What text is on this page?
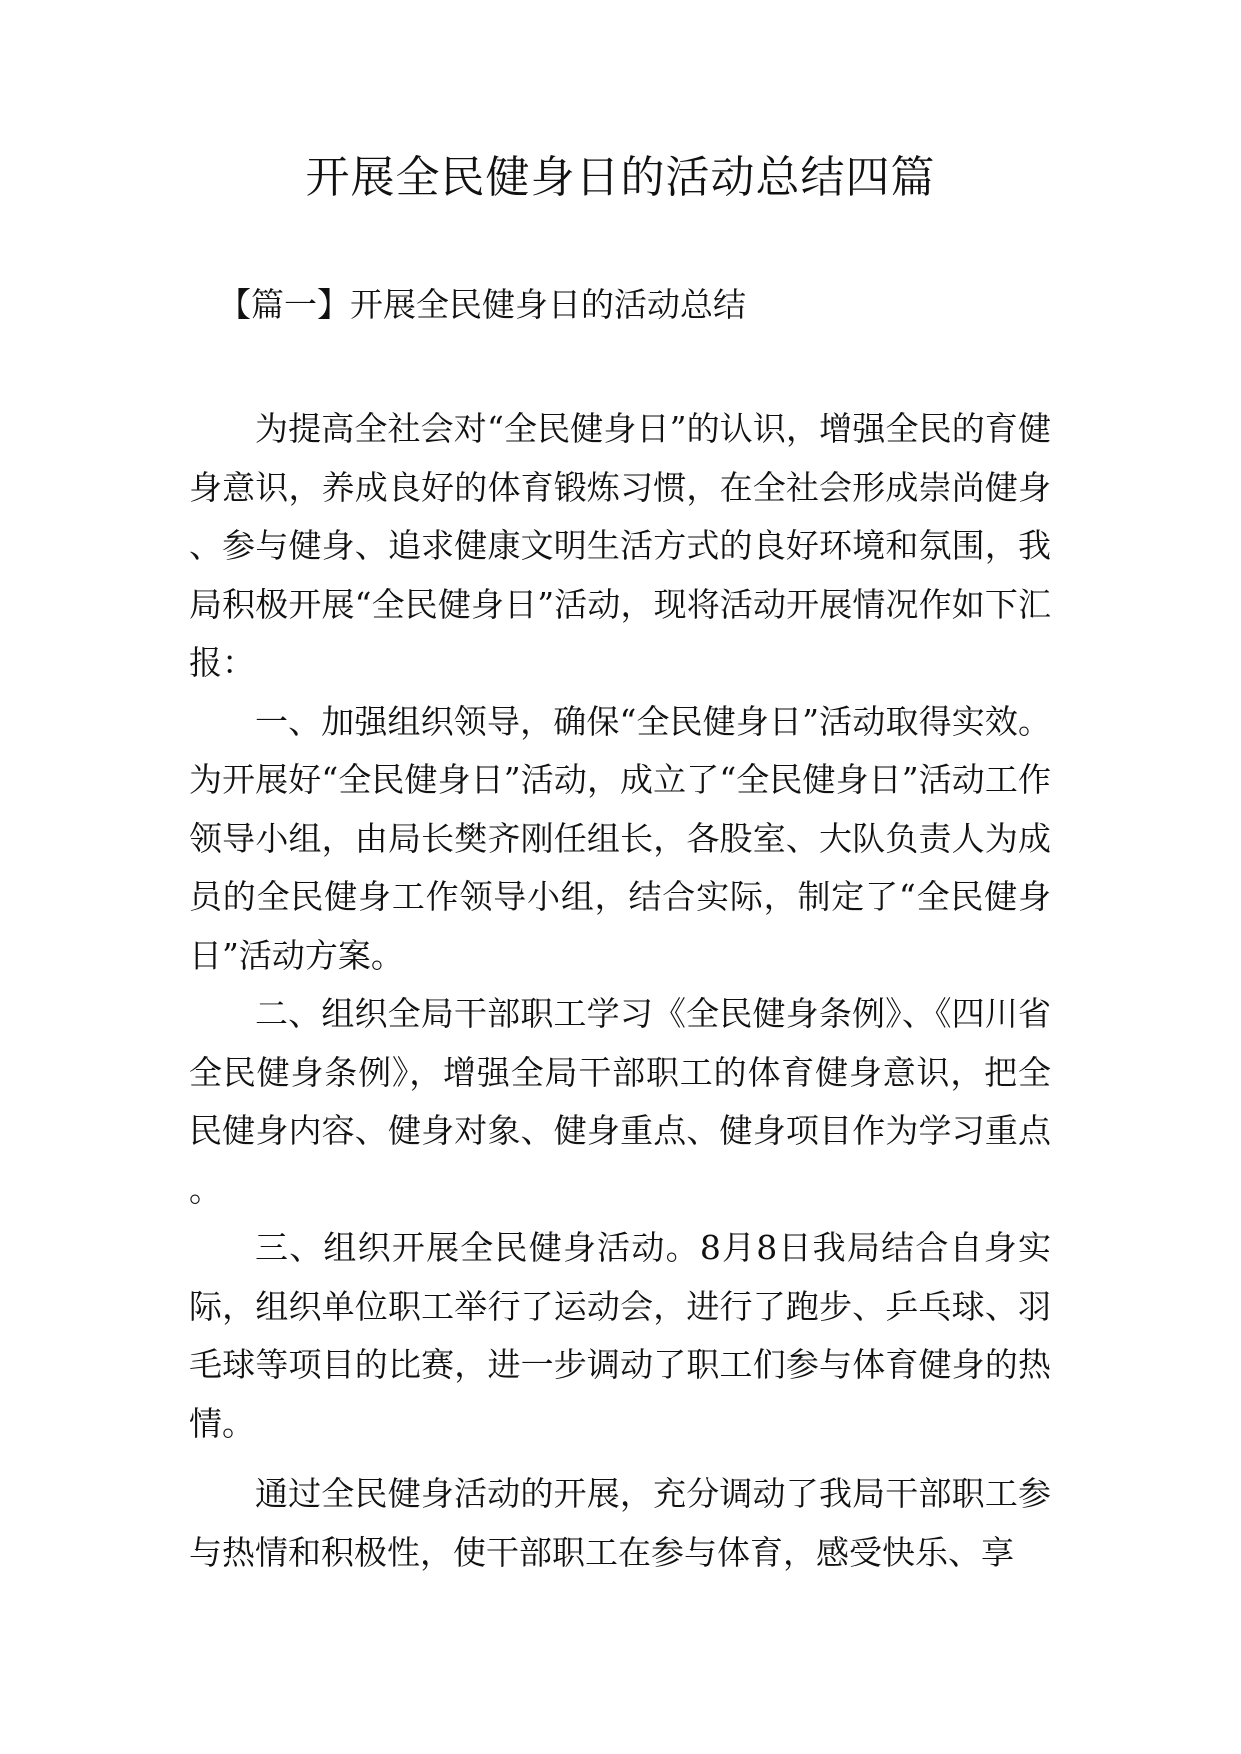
开展全民健身日的活动总结四篇
【篇一】开展全民健身日的活动总结

为提高全社会对“全民健身日”的认识，增强全民的育健身意识，养成良好的体育锻炼习惯，在全社会形成崇尚健身、参与健身、追求健康文明生活方式的良好环境和氛围，我局积极开展“全民健身日”活动，现将活动开展情况作如下汇报：

一、加强组织领导，确保“全民健身日”活动取得实效。为开展好“全民健身日”活动，成立了“全民健身日”活动工作领导小组，由局长樊齐刚任组长，各股室、大队负责人为成员的全民健身工作领导小组，结合实际，制定了“全民健身日”活动方案。

二、组织全局干部职工学习《全民健身条例》、《四川省全民健身条例》，增强全局干部职工的体育健身意识，把全民健身内容、健身对象、健身重点、健身项目作为学习重点。

三、组织开展全民健身活动。8月8日我局结合自身实际，组织单位职工举行了运动会，进行了跑步、乒乓球、羽毛球等项目的比赛，进一步调动了职工们参与体育健身的热情。

通过全民健身活动的开展，充分调动了我局干部职工参与热情和积极性，使干部职工在参与体育，感受快乐、享
